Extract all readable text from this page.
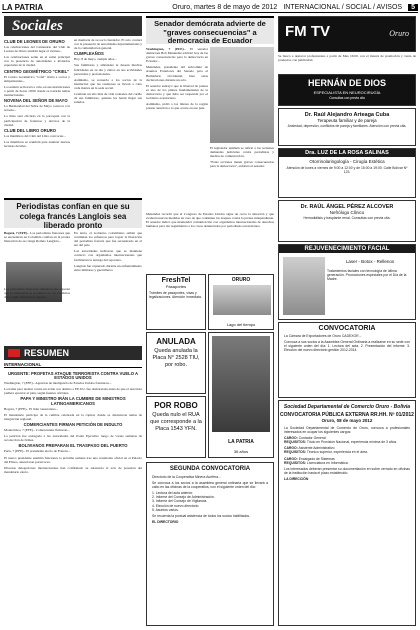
LA PATRIA	Oruro, martes 8 de mayo de 2012 INTERNACIONAL / SOCIAL / AVISOS	5
Sociales
CLUB DE LEONES DE ORURO

Las celebraciones del Centenario del Club de Leones de Oruro tendrán lugar el viernes...

Las celebraciones serán en el salón principal con la presencia de autoridades e invitados especiales de la ciudad.

CENTRO GEOMÉTRICO "CRIEL"

El Centro Geométrico "Criel" invita a socios y simpatizantes...

La reunión se llevará a cabo en sus instalaciones a partir de horas 19:00 donde se tratarán temas institucionales.

NOVENA DEL SEÑOR DE MAYO

La Hermandad del Señor de Mayo convoca a la novena...

La misa será oficiada en la parroquia con la participación de fraternos y devotos de la ciudad.

CLUB DEL LIBRO ORURO

Los miembros del Club del Libro convocan...

Los miembros se reunirán para analizar nuevas lecturas del mes.

en memoria de su socio fundador. El acto contará con la presencia de autoridades departamentales y de la comunidad en general.

CUMPLEAÑOS

Hoy, 8 de mayo, cumple años...

Sus familiares y amistades le desean muchas felicidades en su día y éxitos en sus actividades personales y profesionales.

Asimismo, se recuerda a los socios de la institución que las reuniones se llevan a cabo cada martes en la sede social.

Celebran un año más de vida rodeados del cariño de sus familiares, quienes les harán llegar sus saludos.

Periodistas confían en que su colega francés Langlois sea liberado pronto

Bogotá, 7 (EFE).- Los periodistas franceses que se encuentran en Colombia confían en la pronta liberación de su colega Roméo Langlois...

Los periodistas franceses señalaron que esperan que la liberación se produzca en los próximos días, según informaron medios.

En tanto, el Gobierno colombiano señaló que continúan los esfuerzos para lograr la liberación del periodista francés que fue secuestrado en el sur del país.

Las autoridades indicaron que se mantiene contacto con organismos internacionales que facilitarían la entrega del reportero.

Langlois fue capturado durante un enfrentamiento entre militares y guerrilleros.

RESUMEN
INTERNACIONAL
URGENTE: PROFETAS ATAQUE TERRORISTA CONTRA VUELO A ESTADOS UNIDOS

Washington, 7 (EFE).- Agencias de inteligencia de Estados Unidos frustraron...

La trama para atentar contra un avión con destino a EE.UU. fue desbaratada antes de que el terrorista pudiera ejecutar el plan, según fuentes oficiales.

PAPA Y MINISTRO IRÁN LA CUMBRE DE MINISTROS LATINOAMERICANOS

Bogotá, 7 (EFE).- El líder venezolano...

El mandatario participó de la cumbre celebrada en la capital, donde se discutieron temas de integración regional.

COMERCIANTES FIRMAN PETICIÓN DE INDULTO

Montevideo, 7 (EFE).- Comerciantes firmaron...

La petición fue entregada a las autoridades del Poder Ejecutivo luego de varias semanas de recolección de firmas.

BOLIVIANOS PREPARAN EL TRASPASO DEL PUERTO

Paris, 7 (EFE).- El presidente electo de Francia...

El nuevo presidente asumirá funciones la próxima semana tras una ceremonia oficial en el Palacio del Elíseo, anunciaron portavoces.

Diversas delegaciones internacionales han confirmado su asistencia al acto de posesión del mandatario electo.

Senador demócrata advierte de "graves consecuencias" a democracia de Ecuador

Washington, 7 (EFE).- El senador demócrata Bob Menéndez advirtió hoy de las graves consecuencias para la democracia en Ecuador...

Menéndez, presidente del subcomité de Asuntos Exteriores del Senado para el Hemisferio Occidental, hizo estas declaraciones durante un acto.

El senador subrayó que la libertad de prensa es uno de los pilares fundamentales de la democracia y que debe ser respetada por el Gobierno ecuatoriano.

Asimismo, pidió a los líderes de la región prestar atención a lo que ocurre en ese país.

El legislador también se refirió a las recientes demandas judiciales contra periodistas y medios de comunicación.

"Estas acciones tienen graves consecuencias para la democracia", enfatizó el senador.

Menéndez recordó que el Congreso de Estados Unidos sigue de cerca la situación y que evaluará nuevas medidas en caso de que continúen los ataques contra la prensa independiente. El senador indicó que mantendrá comunicación con organismos internacionales de derechos humanos para dar seguimiento a los casos denunciados por periodistas ecuatorianos.

FreshTel
Pasaportes
Trámites de pasaportes, visas y legalizaciones. Atención inmediata.
ORURO
Lago del tiempo
ANULADA
Queda anulada la Placa N° 2528 TIU, por robo.
POR ROBO
Queda nulo el RUA que corresponde a la Placa 1543 YFN.
LA PATRIA
36 años
SEGUNDA CONVOCATORIA

Directorio de la Cooperativa Minera Aurífera...

Se convoca a los socios a la asamblea general ordinaria que se llevará a cabo en las oficinas de la cooperativa, con el siguiente orden del día:

1. Lectura del acta anterior.
2. Informe del Consejo de Administración.
3. Informe del Consejo de Vigilancia.
4. Elección de nuevo directorio.
5. Asuntos varios.

Se recuerda la puntual asistencia de todos los socios habilitados.

EL DIRECTORIO

FM TV	Oruro

Se busca a destacar profesionales a partir de Mes 16:00, con el interés de promoción y venta de productos con publicidad.

HERNÁN DE DIOS
ESPECIALISTA EN NEUROCIRUGÍA
Consultas con previa cita
Dr. Raúl Alejandro Arteaga Cuba
Terapeuta familiar y de pareja
Ansiedad, depresión, conflictos de pareja y familiares. Atención con previa cita.
Dra. LUZ DE LA ROSA SALINAS
Otorrinolaringología - Cirugía Estética
Atención de lunes a viernes de 9:00 a 12:00 y de 15:00 a 19:00. Calle Bolívar Nº 123.
Dr. RAÚL ÁNGEL PÉREZ ALCOVER
Nefrólogo Clínico
Hemodiálisis y trasplante renal. Consultas con previa cita.
REJUVENECIMIENTO FACIAL
Laser - Botox - Rellenos
Tratamientos faciales con tecnología de última generación. Promociones especiales por el Día de la Madre.
CONVOCATORIA

La Cámara de Exportadores de Oruro CADEXOR...

Convoca a sus socios a la Asamblea General Ordinaria a realizarse en su sede con el siguiente orden del día: 1. Lectura del acta. 2. Presentación del informe. 3. Elección del nuevo directorio gestión 2012-2014.

Sociedad Departamental de Comercio Oruro - Bolivia
CONVOCATORIA PÚBLICA EXTERNA RR.HH. Nº 01/2012
Oruro, 08 de mayo 2012

La Sociedad Departamental de Comercio de Oruro, convoca a profesionales interesados en ocupar los siguientes cargos:

CARGO: Contador General
REQUISITOS: Título en Provisión Nacional, experiencia mínima de 3 años.

CARGO: Asistente Administrativo
REQUISITOS: Técnico superior, experiencia en el área.

CARGO: Encargado de Sistemas
REQUISITOS: Licenciatura en Informática.

Los interesados deberán presentar su documentación en sobre cerrado en oficinas de la institución hasta el plazo establecido.

LA DIRECCIÓN
